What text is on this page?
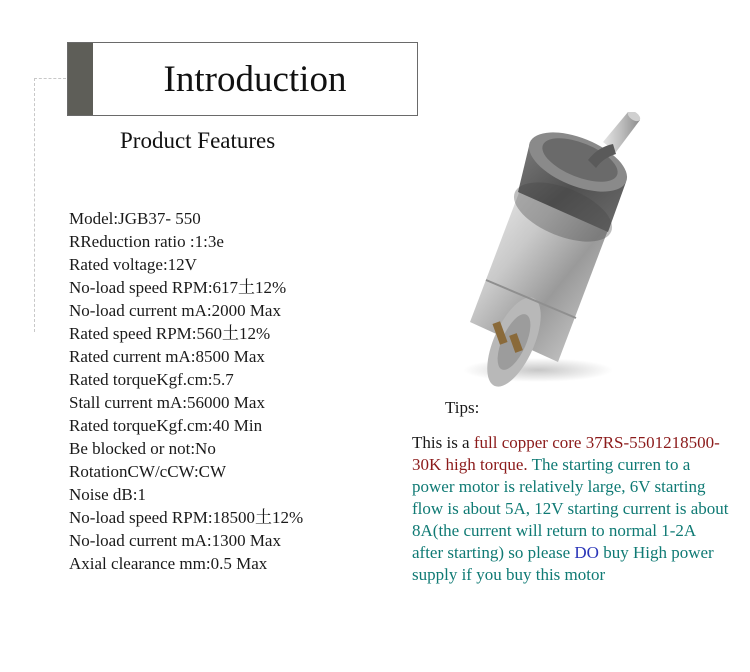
Introduction
Product Features
Model:JGB37- 550
RReduction ratio :1:3e
Rated voltage:12V
No-load speed RPM:617土12%
No-load current mA:2000 Max
Rated speed RPM:560土12%
Rated current mA:8500 Max
Rated torqueKgf.cm:5.7
Stall current mA:56000 Max
Rated torqueKgf.cm:40 Min
Be blocked or not:No
RotationCW/cCW:CW
Noise dB:1
No-load speed RPM:18500土12%
No-load current mA:1300 Max
Axial clearance mm:0.5 Max
Tips:
This is a full copper core 37RS-5501218500-30K high torque. The starting curren to a power motor is relatively large, 6V starting flow is about 5A, 12V starting current is about 8A(the current will return to normal 1-2A after starting) so please DO buy High power supply if you buy this motor
